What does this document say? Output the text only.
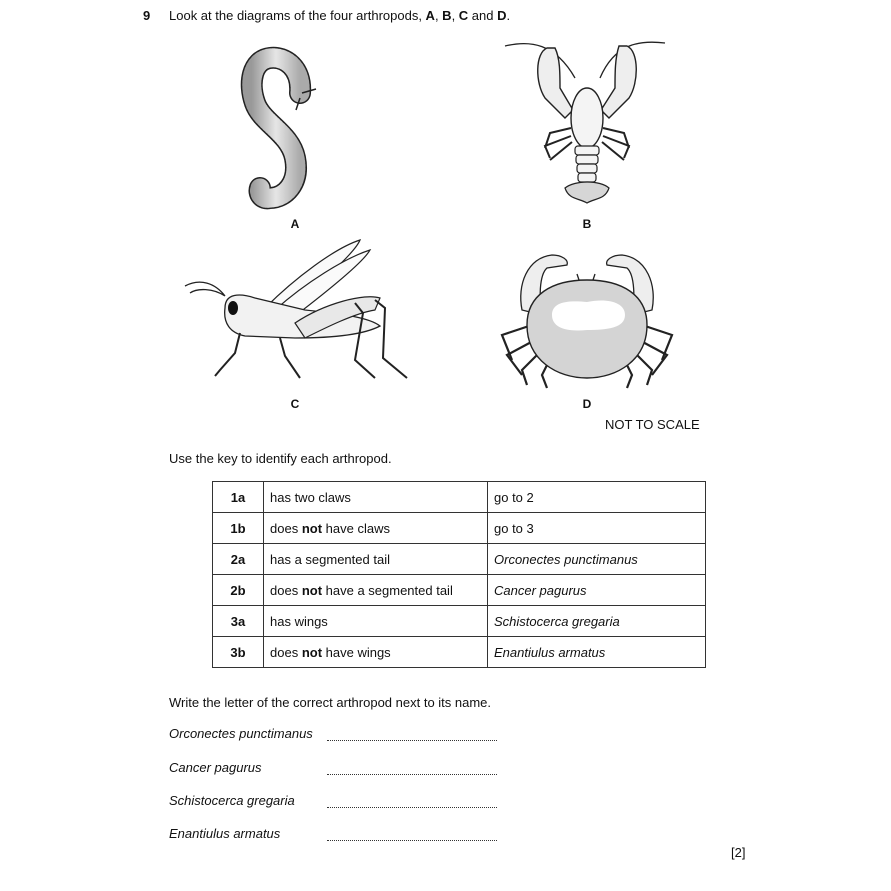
9 Look at the diagrams of the four arthropods, A, B, C and D.
A	B
C	D
NOT TO SCALE
Use the key to identify each arthropod.
1a	has two claws	go to 2
1b	does not have claws	go to 3
2a	has a segmented tail	Orconectes punctimanus
2b	does not have a segmented tail	Cancer pagurus
3a	has wings	Schistocerca gregaria
3b	does not have wings	Enantiulus armatus
Write the letter of the correct arthropod next to its name.
Orconectes punctimanus
Cancer pagurus
Schistocerca gregaria
Enantiulus armatus
[2]
